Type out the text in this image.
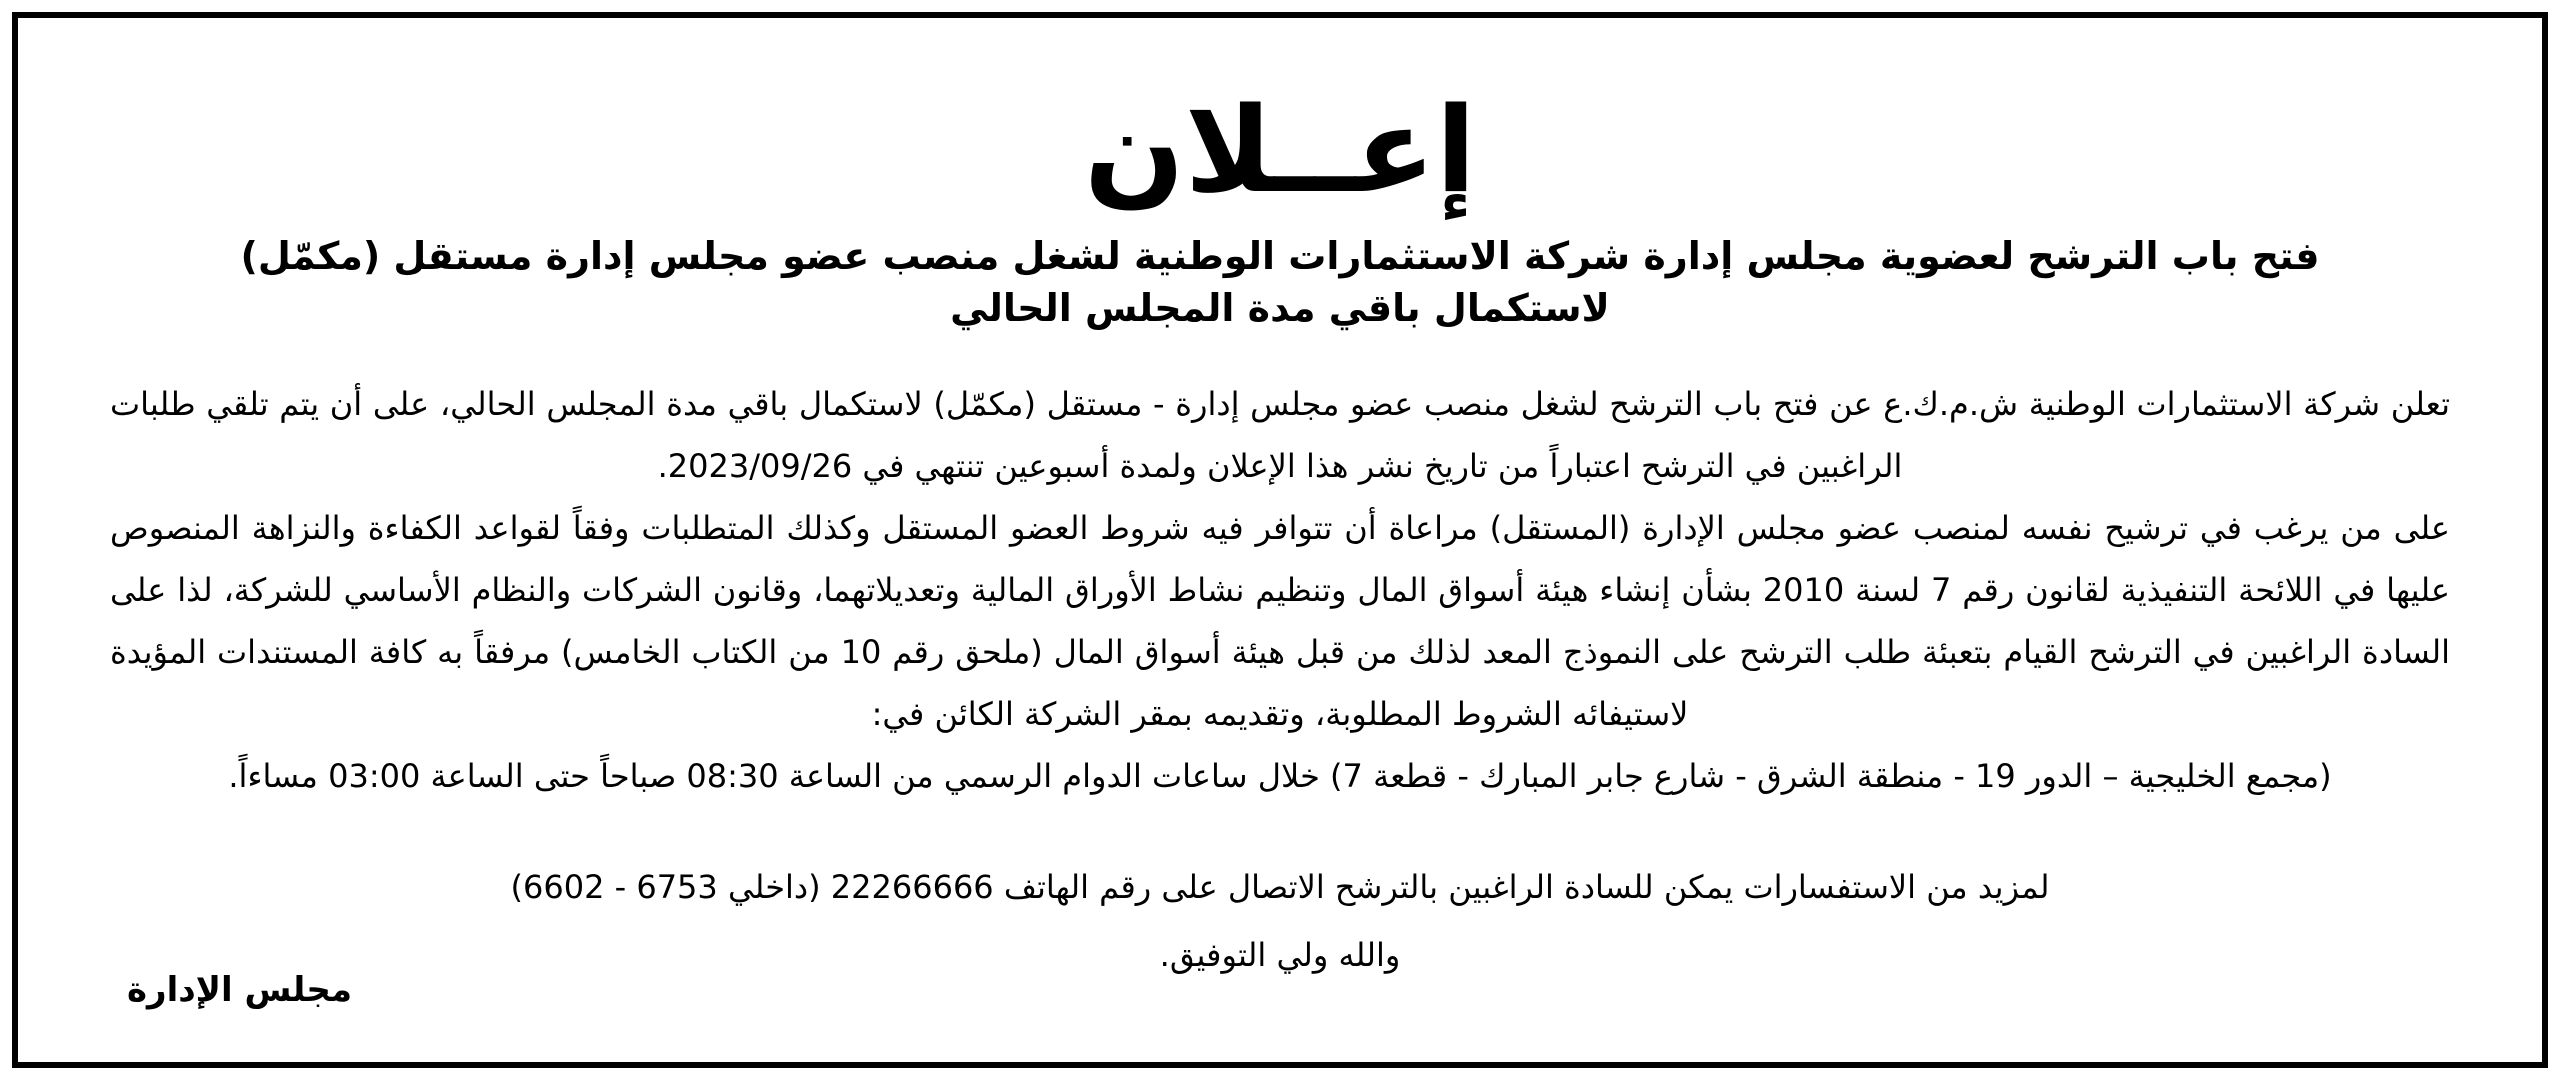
إعــلان
فتح باب الترشح لعضوية مجلس إدارة شركة الاستثمارات الوطنية لشغل منصب عضو مجلس إدارة مستقل (مكمّل)
لاستكمال باقي مدة المجلس الحالي

تعلن شركة الاستثمارات الوطنية ش.م.ك.ع عن فتح باب الترشح لشغل منصب عضو مجلس إدارة - مستقل (مكمّل) لاستكمال باقي مدة المجلس الحالي، على أن يتم تلقي طلبات الراغبين في الترشح اعتباراً من تاريخ نشر هذا الإعلان ولمدة أسبوعين تنتهي في 2023/09/26.

على من يرغب في ترشيح نفسه لمنصب عضو مجلس الإدارة (المستقل) مراعاة أن تتوافر فيه شروط العضو المستقل وكذلك المتطلبات وفقاً لقواعد الكفاءة والنزاهة المنصوص عليها في اللائحة التنفيذية لقانون رقم 7 لسنة 2010 بشأن إنشاء هيئة أسواق المال وتنظيم نشاط الأوراق المالية وتعديلاتهما، وقانون الشركات والنظام الأساسي للشركة، لذا على السادة الراغبين في الترشح القيام بتعبئة طلب الترشح على النموذج المعد لذلك من قبل هيئة أسواق المال (ملحق رقم 10 من الكتاب الخامس) مرفقاً به كافة المستندات المؤيدة لاستيفائه الشروط المطلوبة، وتقديمه بمقر الشركة الكائن في:

(مجمع الخليجية – الدور 19 - منطقة الشرق - شارع جابر المبارك - قطعة 7) خلال ساعات الدوام الرسمي من الساعة 08:30 صباحاً حتى الساعة 03:00 مساءاً.

لمزيد من الاستفسارات يمكن للسادة الراغبين بالترشح الاتصال على رقم الهاتف 22266666 (داخلي 6753 - 6602)
والله ولي التوفيق.

مجلس الإدارة
